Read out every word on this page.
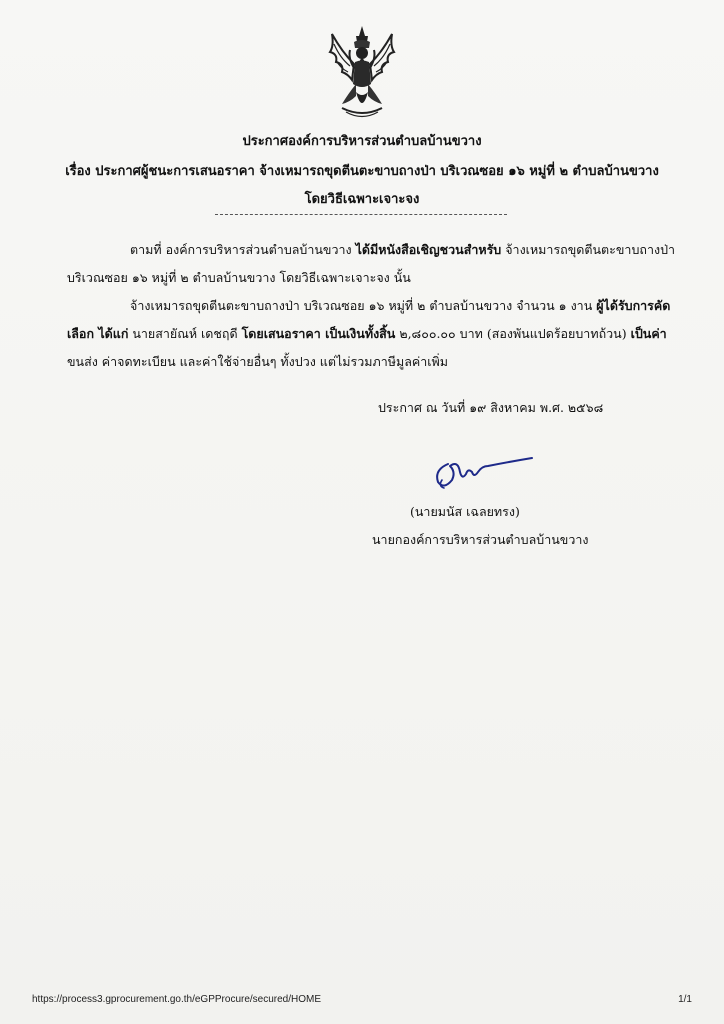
ประกาศองค์การบริหารส่วนตำบลบ้านขวาง
เรื่อง ประกาศผู้ชนะการเสนอราคา จ้างเหมารถขุดตีนตะขาบถางป่า บริเวณซอย ๑๖ หมู่ที่ ๒ ตำบลบ้านขวาง
โดยวิธีเฉพาะเจาะจง
ตามที่ องค์การบริหารส่วนตำบลบ้านขวาง ได้มีหนังสือเชิญชวนสำหรับ จ้างเหมารถขุดตีนตะขาบถางป่า
บริเวณซอย ๑๖ หมู่ที่ ๒ ตำบลบ้านขวาง โดยวิธีเฉพาะเจาะจง นั้น
จ้างเหมารถขุดตีนตะขาบถางป่า บริเวณซอย ๑๖ หมู่ที่ ๒ ตำบลบ้านขวาง จำนวน ๑ งาน ผู้ได้รับการคัด
เลือก ได้แก่ นายสายัณห์ เดชฤดี โดยเสนอราคา เป็นเงินทั้งสิ้น ๒,๘๐๐.๐๐ บาท (สองพันแปดร้อยบาทถ้วน) เป็นค่า
ขนส่ง ค่าจดทะเบียน และค่าใช้จ่ายอื่นๆ ทั้งปวง แต่ไม่รวมภาษีมูลค่าเพิ่ม
ประกาศ ณ วันที่ ๑๙ สิงหาคม พ.ศ. ๒๕๖๘
(นายมนัส เฉลยทรง)
นายกองค์การบริหารส่วนตำบลบ้านขวาง
https://process3.gprocurement.go.th/eGPProcure/secured/HOME	1/1
